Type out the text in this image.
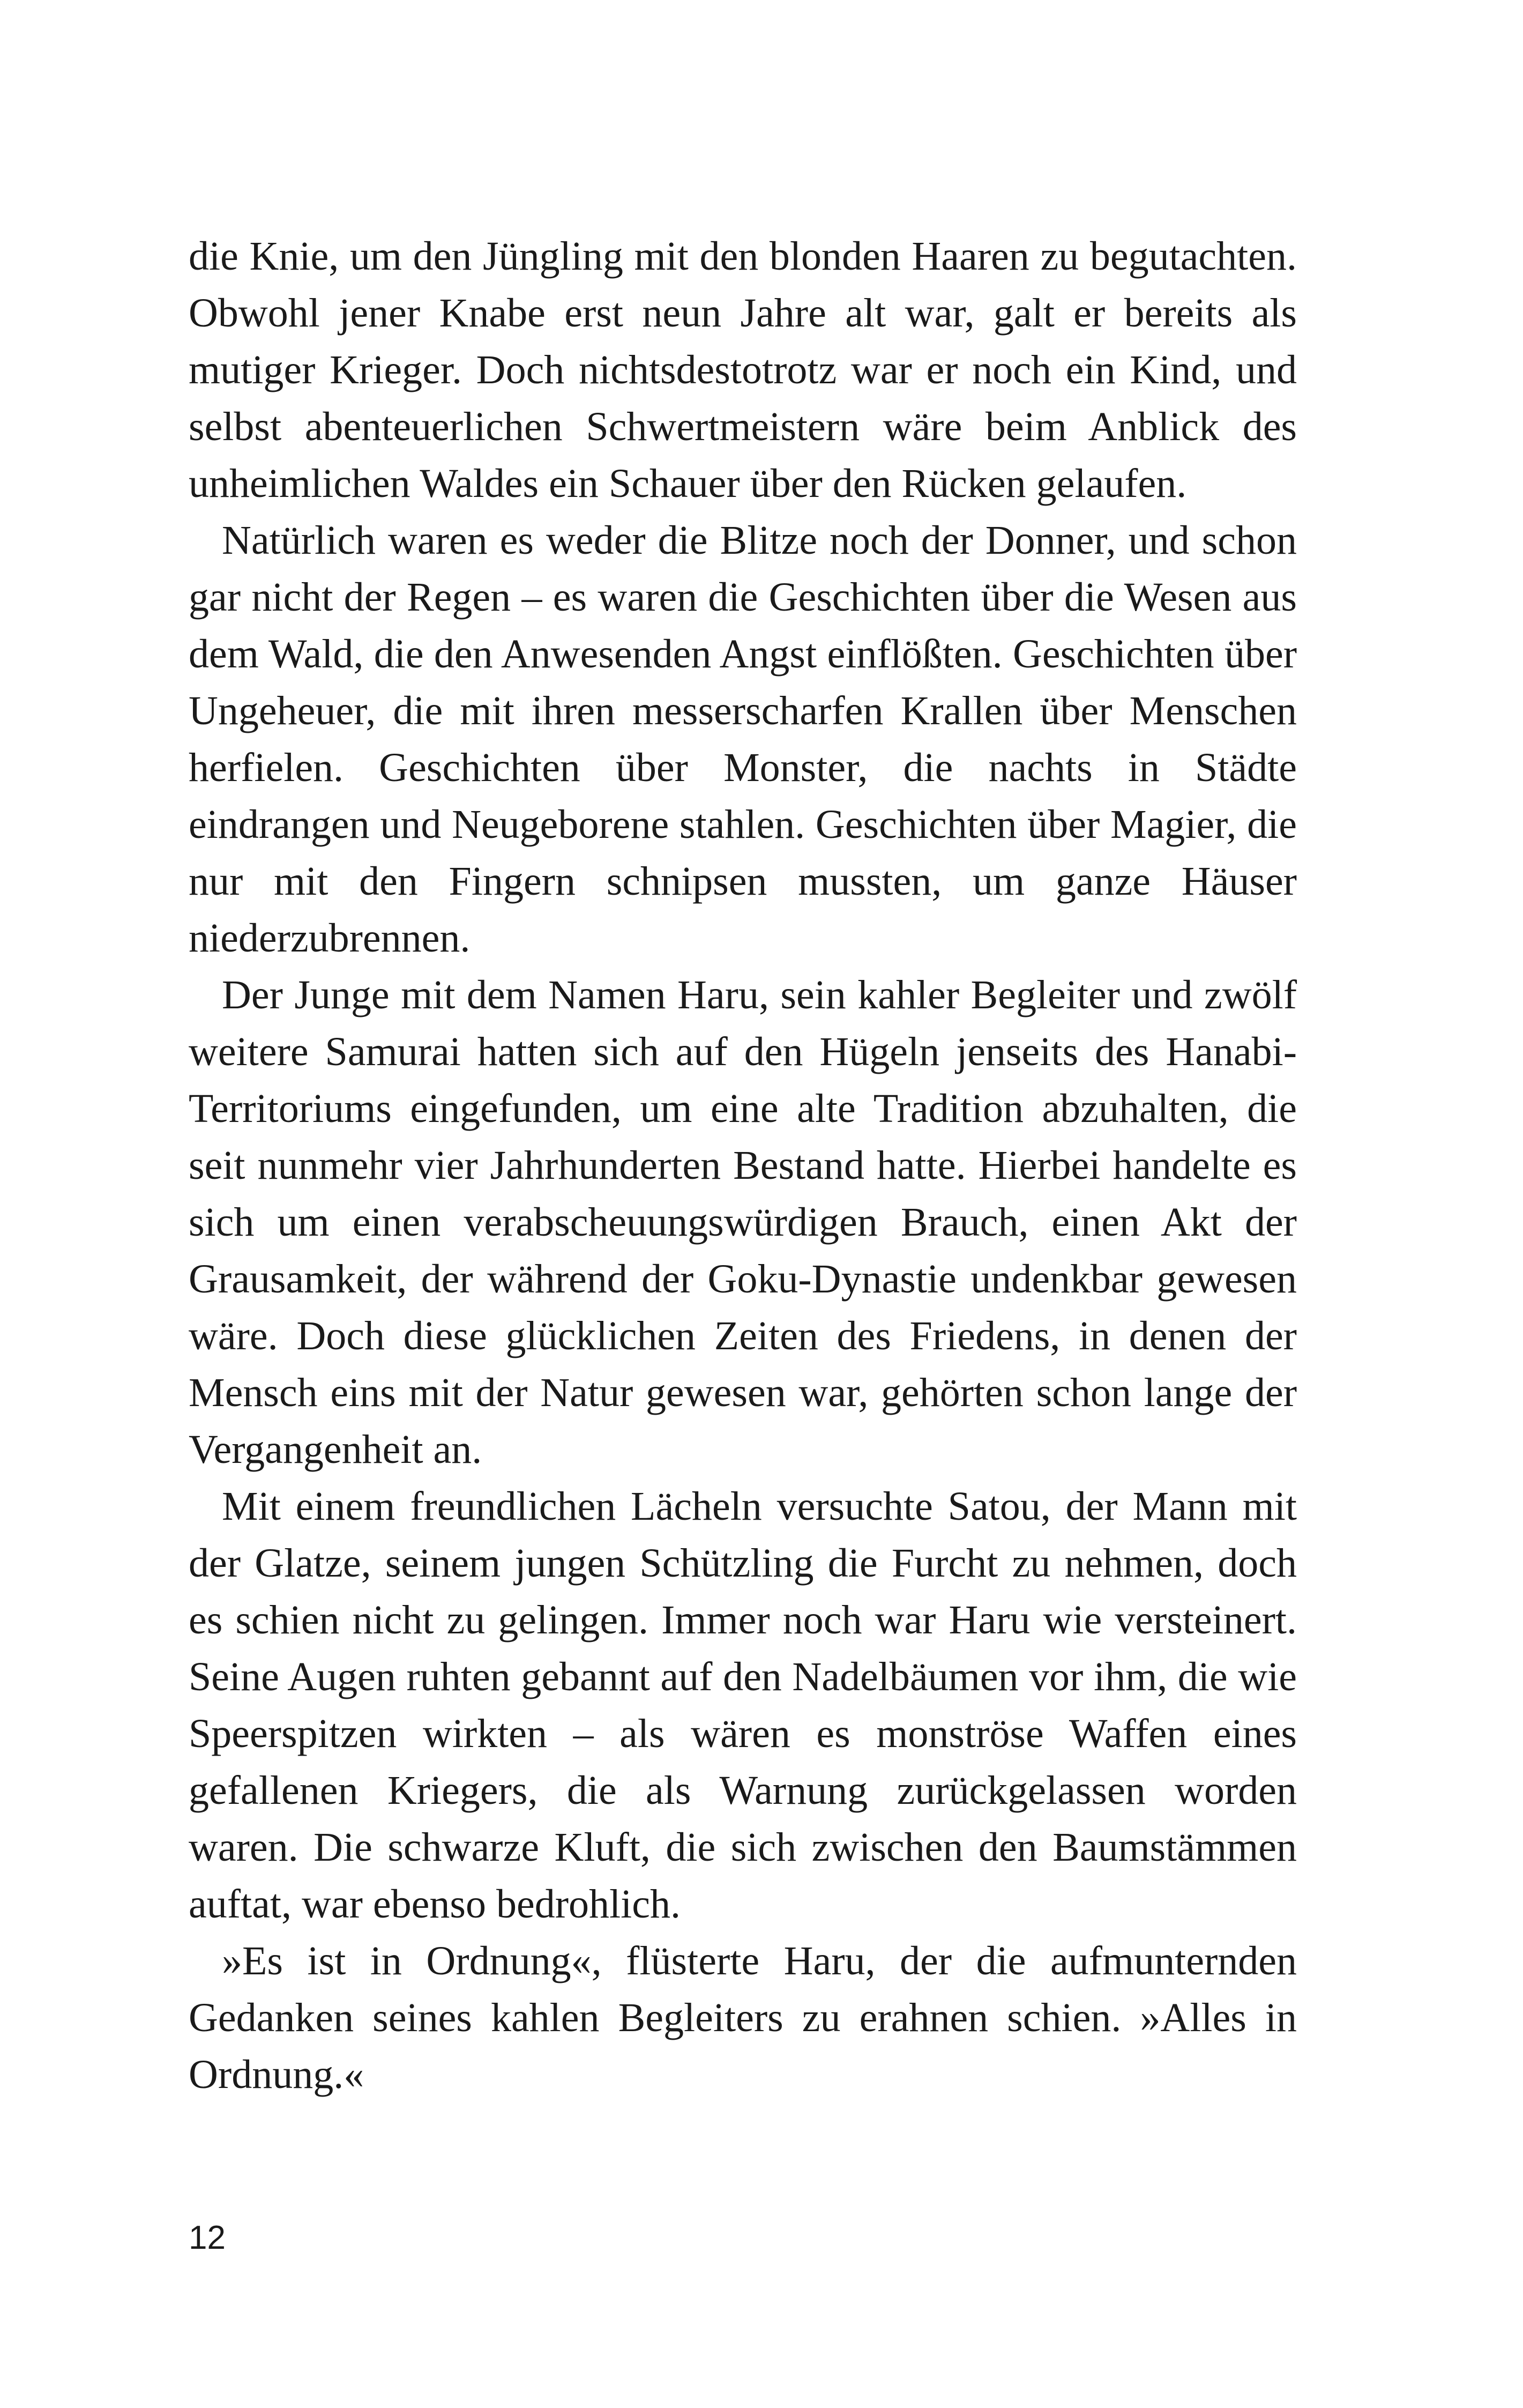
die Knie, um den Jüngling mit den blonden Haaren zu begutachten. Obwohl jener Knabe erst neun Jahre alt war, galt er bereits als mutiger Krieger. Doch nichtsdestotrotz war er noch ein Kind, und selbst abenteuerlichen Schwertmeistern wäre beim Anblick des unheimlichen Waldes ein Schauer über den Rücken gelaufen.

Natürlich waren es weder die Blitze noch der Donner, und schon gar nicht der Regen – es waren die Geschichten über die Wesen aus dem Wald, die den Anwesenden Angst einflößten. Geschichten über Ungeheuer, die mit ihren messerscharfen Krallen über Menschen herfielen. Geschichten über Monster, die nachts in Städte eindrangen und Neugeborene stahlen. Geschichten über Magier, die nur mit den Fingern schnipsen mussten, um ganze Häuser niederzubrennen.

Der Junge mit dem Namen Haru, sein kahler Begleiter und zwölf weitere Samurai hatten sich auf den Hügeln jenseits des Hanabi-Territoriums eingefunden, um eine alte Tradition abzuhalten, die seit nunmehr vier Jahrhunderten Bestand hatte. Hierbei handelte es sich um einen verabscheuungswürdigen Brauch, einen Akt der Grausamkeit, der während der Goku-Dynastie undenkbar gewesen wäre. Doch diese glücklichen Zeiten des Friedens, in denen der Mensch eins mit der Natur gewesen war, gehörten schon lange der Vergangenheit an.

Mit einem freundlichen Lächeln versuchte Satou, der Mann mit der Glatze, seinem jungen Schützling die Furcht zu nehmen, doch es schien nicht zu gelingen. Immer noch war Haru wie versteinert. Seine Augen ruhten gebannt auf den Nadelbäumen vor ihm, die wie Speerspitzen wirkten – als wären es monströse Waffen eines gefallenen Kriegers, die als Warnung zurückgelassen worden waren. Die schwarze Kluft, die sich zwischen den Baumstämmen auftat, war ebenso bedrohlich.

»Es ist in Ordnung«, flüsterte Haru, der die aufmunternden Gedanken seines kahlen Begleiters zu erahnen schien. »Alles in Ordnung.«

12
